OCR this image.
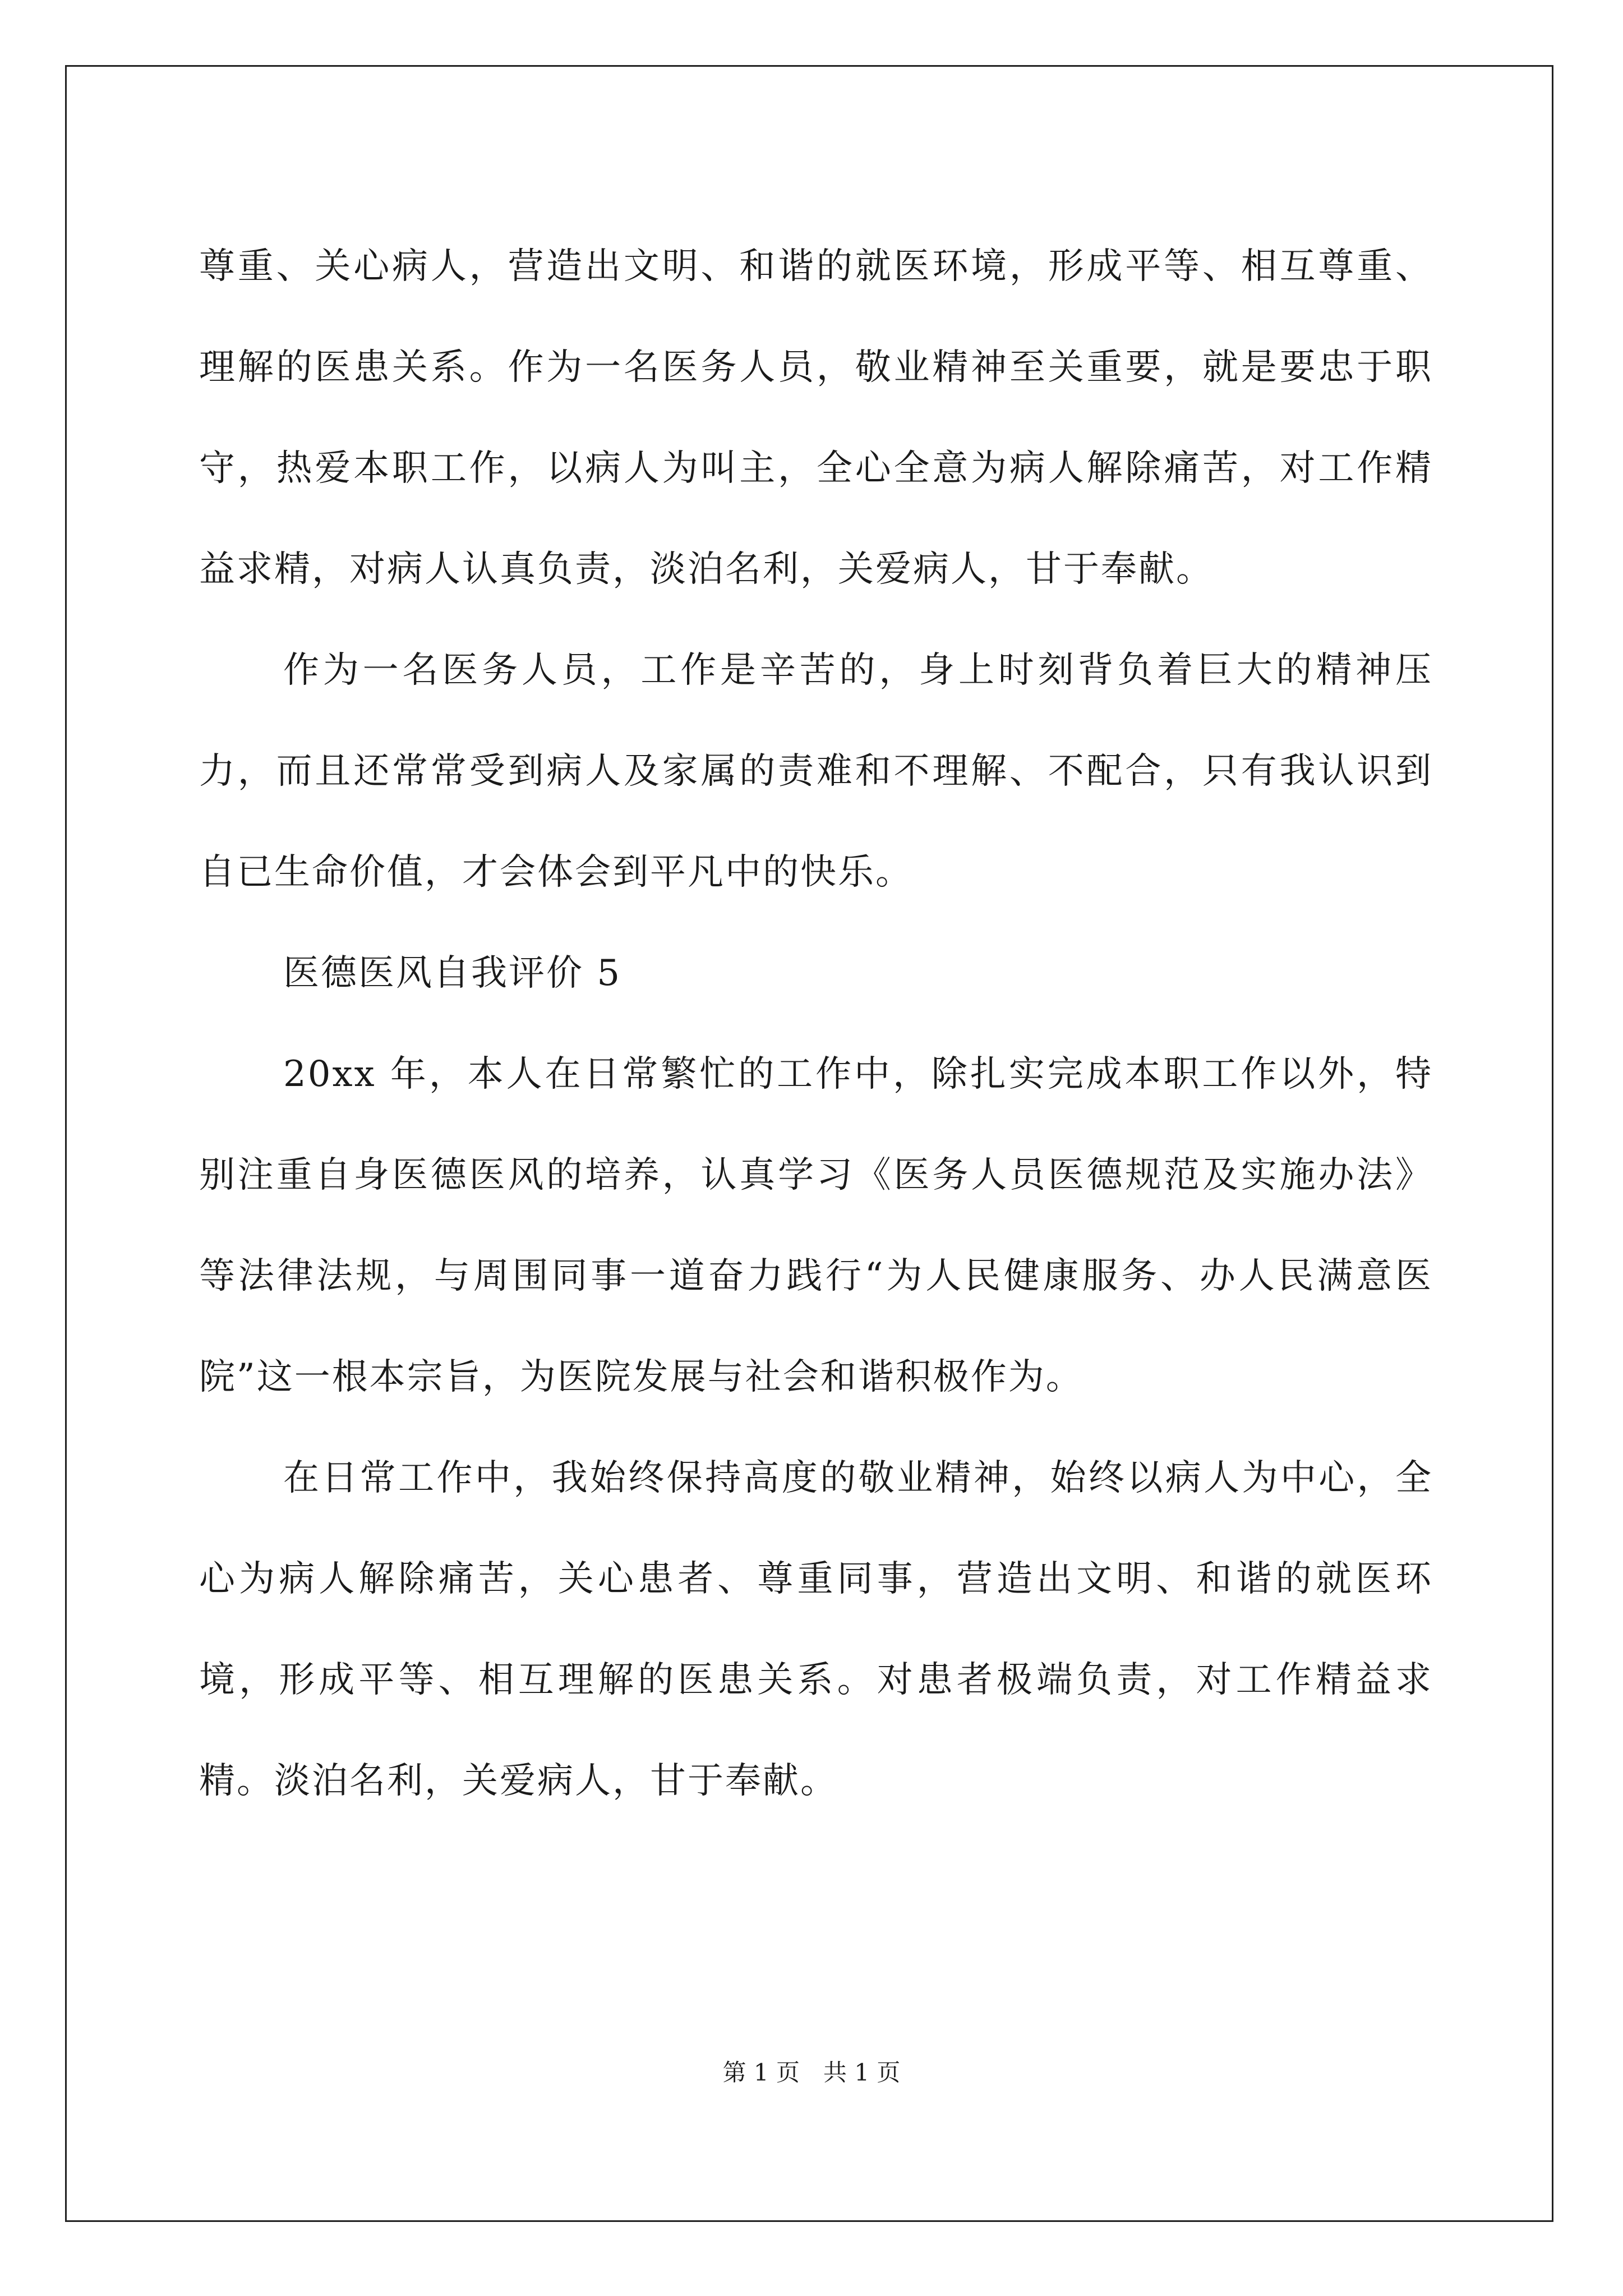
尊重、关心病人，营造出文明、和谐的就医环境，形成平等、相互尊重、理解的医患关系。作为一名医务人员，敬业精神至关重要，就是要忠于职守，热爱本职工作，以病人为叫主，全心全意为病人解除痛苦，对工作精益求精，对病人认真负责，淡泊名利，关爱病人，甘于奉献。

作为一名医务人员，工作是辛苦的，身上时刻背负着巨大的精神压力，而且还常常受到病人及家属的责难和不理解、不配合，只有我认识到自已生命价值，才会体会到平凡中的快乐。

医德医风自我评价 5

20xx 年，本人在日常繁忙的工作中，除扎实完成本职工作以外，特别注重自身医德医风的培养，认真学习《医务人员医德规范及实施办法》等法律法规，与周围同事一道奋力践行“为人民健康服务、办人民满意医院”这一根本宗旨，为医院发展与社会和谐积极作为。

在日常工作中，我始终保持高度的敬业精神，始终以病人为中心，全心为病人解除痛苦，关心患者、尊重同事，营造出文明、和谐的就医环境，形成平等、相互理解的医患关系。对患者极端负责，对工作精益求精。淡泊名利，关爱病人，甘于奉献。

第 1 页　共 1 页
